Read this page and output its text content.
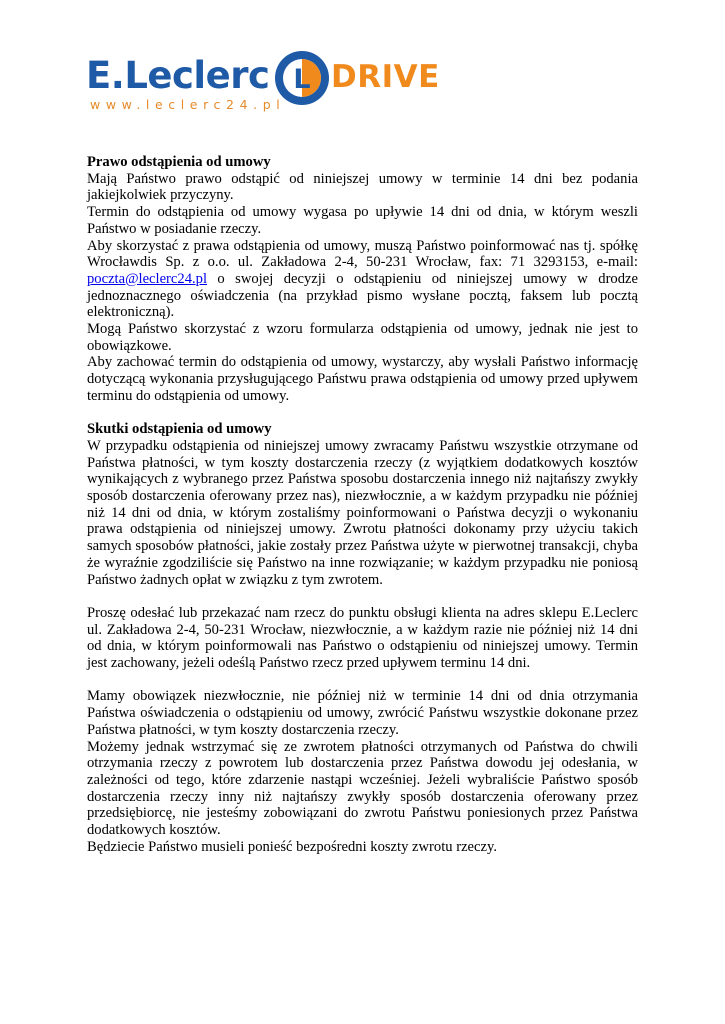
E.Leclerc L DRIVE
www.leclerc24.pl
Prawo odstąpienia od umowy

Mają Państwo prawo odstąpić od niniejszej umowy w terminie 14 dni bez podania jakiejkolwiek przyczyny.

Termin do odstąpienia od umowy wygasa po upływie 14 dni od dnia, w którym weszli Państwo w posiadanie rzeczy.

Aby skorzystać z prawa odstąpienia od umowy, muszą Państwo poinformować nas tj. spółkę Wrocławdis Sp. z o.o. ul. Zakładowa 2-4, 50-231 Wrocław, fax: 71 3293153, e-mail: poczta@leclerc24.pl o swojej decyzji o odstąpieniu od niniejszej umowy w drodze jednoznacznego oświadczenia (na przykład pismo wysłane pocztą, faksem lub pocztą elektroniczną).

Mogą Państwo skorzystać z wzoru formularza odstąpienia od umowy, jednak nie jest to obowiązkowe.

Aby zachować termin do odstąpienia od umowy, wystarczy, aby wysłali Państwo informację dotyczącą wykonania przysługującego Państwu prawa odstąpienia od umowy przed upływem terminu do odstąpienia od umowy.

Skutki odstąpienia od umowy

W przypadku odstąpienia od niniejszej umowy zwracamy Państwu wszystkie otrzymane od Państwa płatności, w tym koszty dostarczenia rzeczy (z wyjątkiem dodatkowych kosztów wynikających z wybranego przez Państwa sposobu dostarczenia innego niż najtańszy zwykły sposób dostarczenia oferowany przez nas), niezwłocznie, a w każdym przypadku nie później niż 14 dni od dnia, w którym zostaliśmy poinformowani o Państwa decyzji o wykonaniu prawa odstąpienia od niniejszej umowy. Zwrotu płatności dokonamy przy użyciu takich samych sposobów płatności, jakie zostały przez Państwa użyte w pierwotnej transakcji, chyba że wyraźnie zgodziliście się Państwo na inne rozwiązanie; w każdym przypadku nie poniosą Państwo żadnych opłat w związku z tym zwrotem.

Proszę odesłać lub przekazać nam rzecz do punktu obsługi klienta na adres sklepu E.Leclerc ul. Zakładowa 2-4, 50-231 Wrocław, niezwłocznie, a w każdym razie nie później niż 14 dni od dnia, w którym poinformowali nas Państwo o odstąpieniu od niniejszej umowy. Termin jest zachowany, jeżeli odeślą Państwo rzecz przed upływem terminu 14 dni.

Mamy obowiązek niezwłocznie, nie później niż w terminie 14 dni od dnia otrzymania Państwa oświadczenia o odstąpieniu od umowy, zwrócić Państwu wszystkie dokonane przez Państwa płatności, w tym koszty dostarczenia rzeczy.

Możemy jednak wstrzymać się ze zwrotem płatności otrzymanych od Państwa do chwili otrzymania rzeczy z powrotem lub dostarczenia przez Państwa dowodu jej odesłania, w zależności od tego, które zdarzenie nastąpi wcześniej. Jeżeli wybraliście Państwo sposób dostarczenia rzeczy inny niż najtańszy zwykły sposób dostarczenia oferowany przez przedsiębiorcę, nie jesteśmy zobowiązani do zwrotu Państwu poniesionych przez Państwa dodatkowych kosztów.

Będziecie Państwo musieli ponieść bezpośredni koszty zwrotu rzeczy.
